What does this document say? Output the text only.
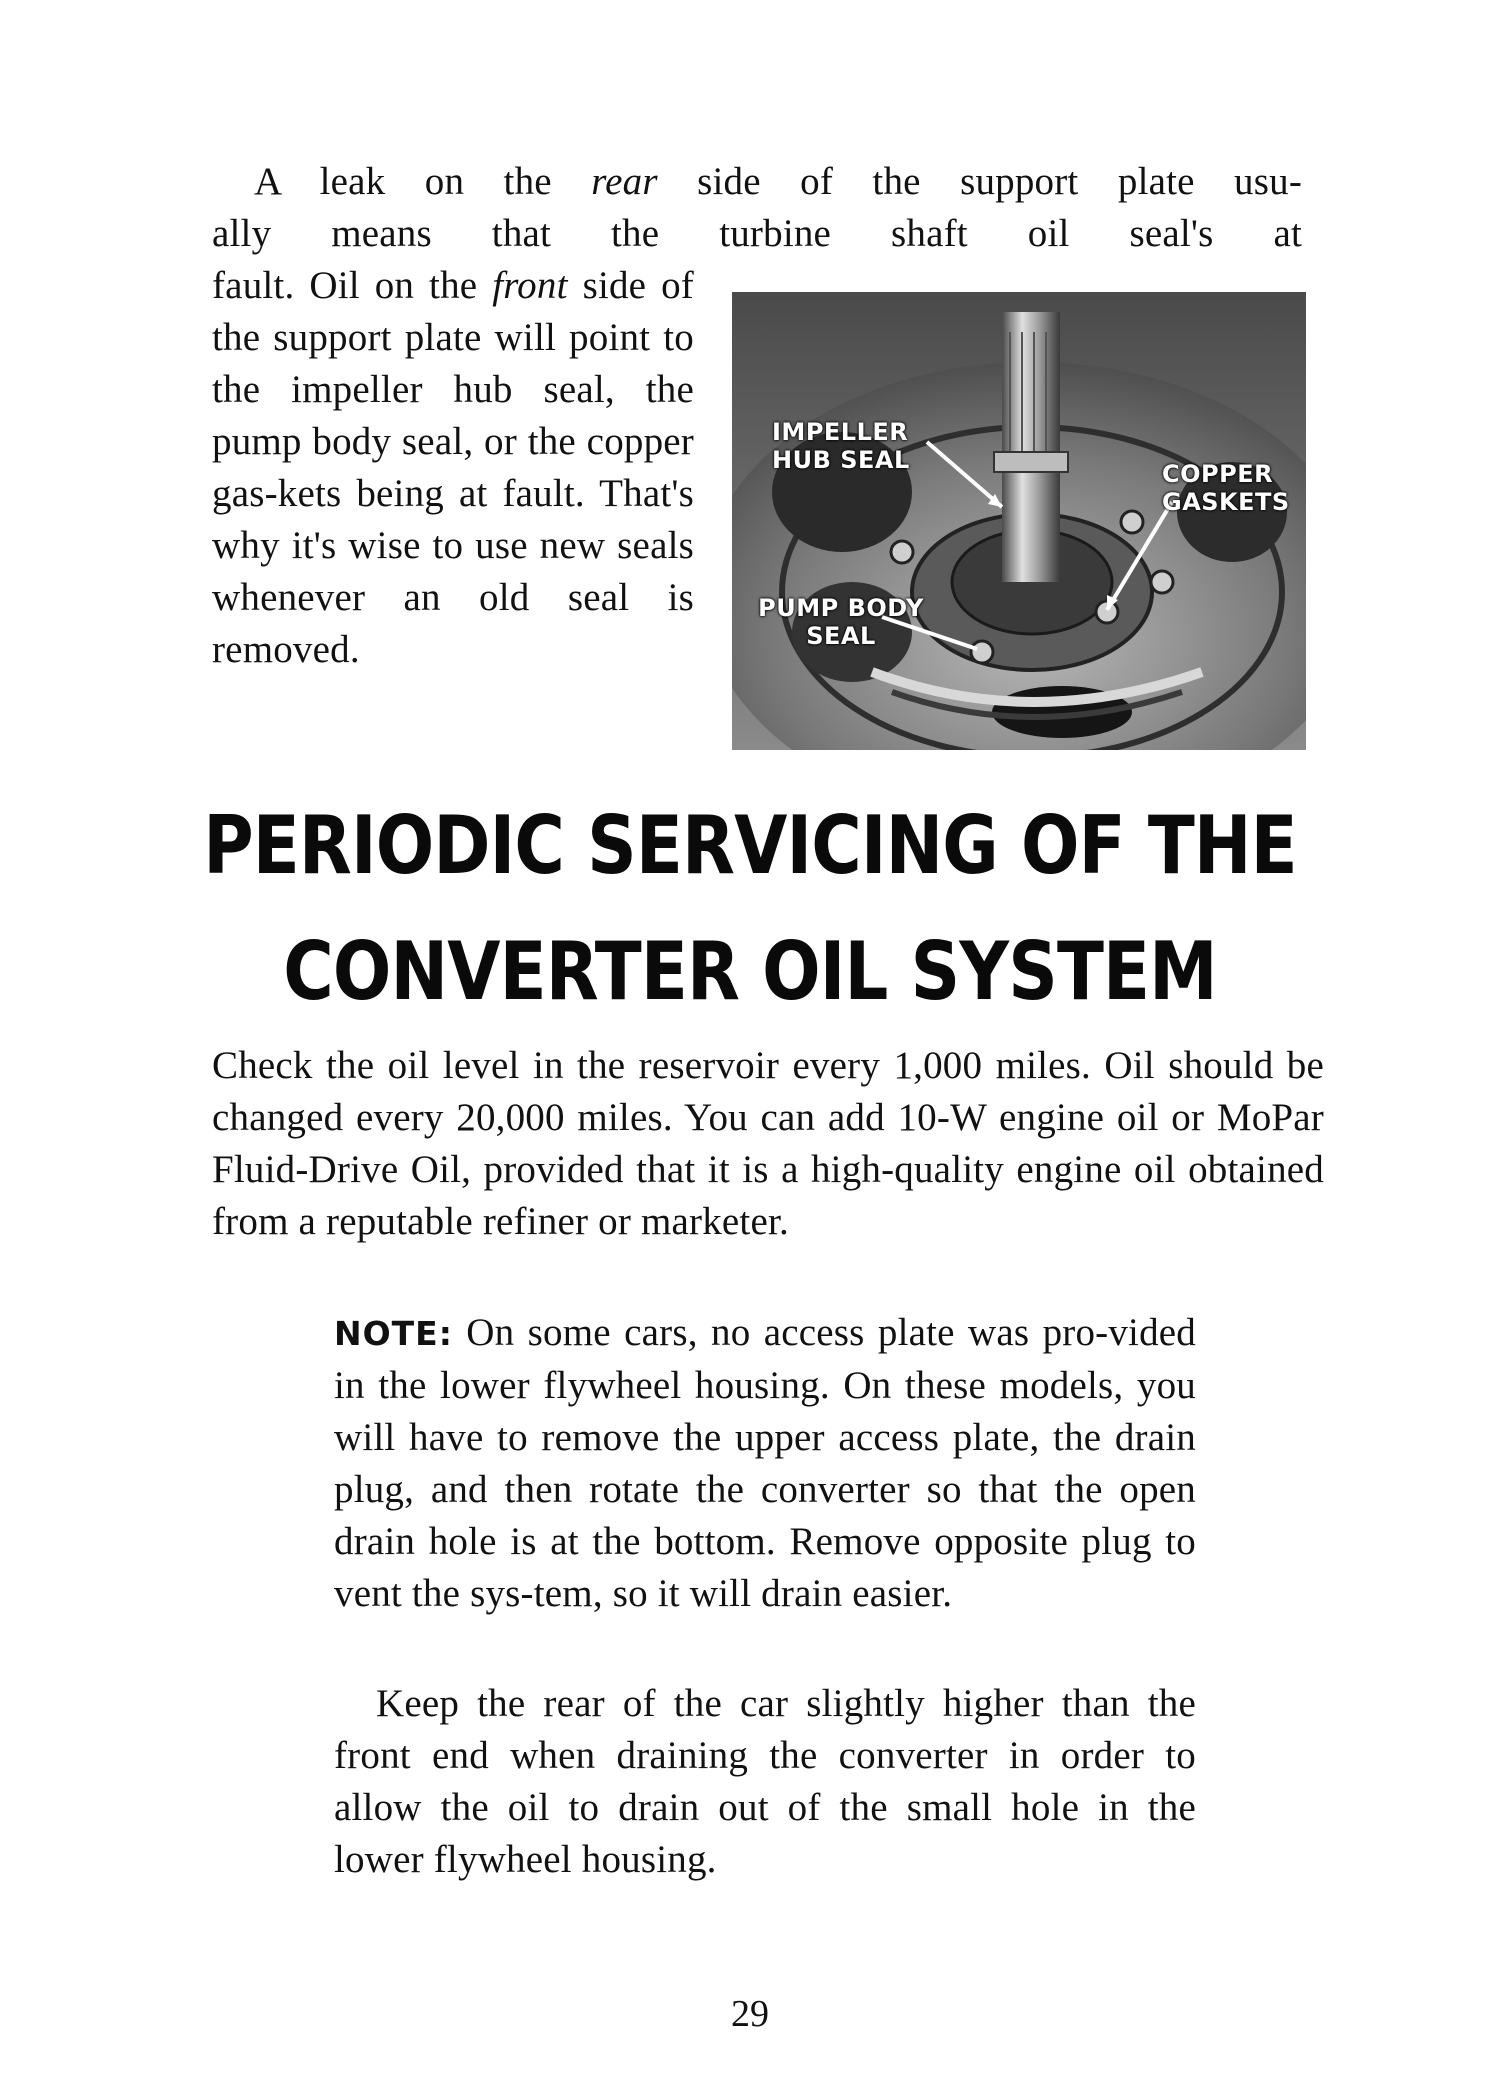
A leak on the rear side of the support plate usu-
ally means that the turbine shaft oil seal's at
fault. Oil on the front side of the support plate will point to the impeller hub seal, the pump body seal, or the copper gas-kets being at fault. That's why it's wise to use new seals whenever an old seal is removed.
IMPELLER
HUB SEAL	COPPER
GASKETS
PUMP BODY
SEAL
PERIODIC SERVICING OF THE
CONVERTER OIL SYSTEM
Check the oil level in the reservoir every 1,000 miles. Oil should be changed every 20,000 miles. You can add 10-W engine oil or MoPar Fluid-Drive Oil, provided that it is a high-quality engine oil obtained from a reputable refiner or marketer.
NOTE: On some cars, no access plate was pro-vided in the lower flywheel housing. On these models, you will have to remove the upper access plate, the drain plug, and then rotate the converter so that the open drain hole is at the bottom. Remove opposite plug to vent the sys-tem, so it will drain easier.
Keep the rear of the car slightly higher than the front end when draining the converter in order to allow the oil to drain out of the small hole in the lower flywheel housing.
29
